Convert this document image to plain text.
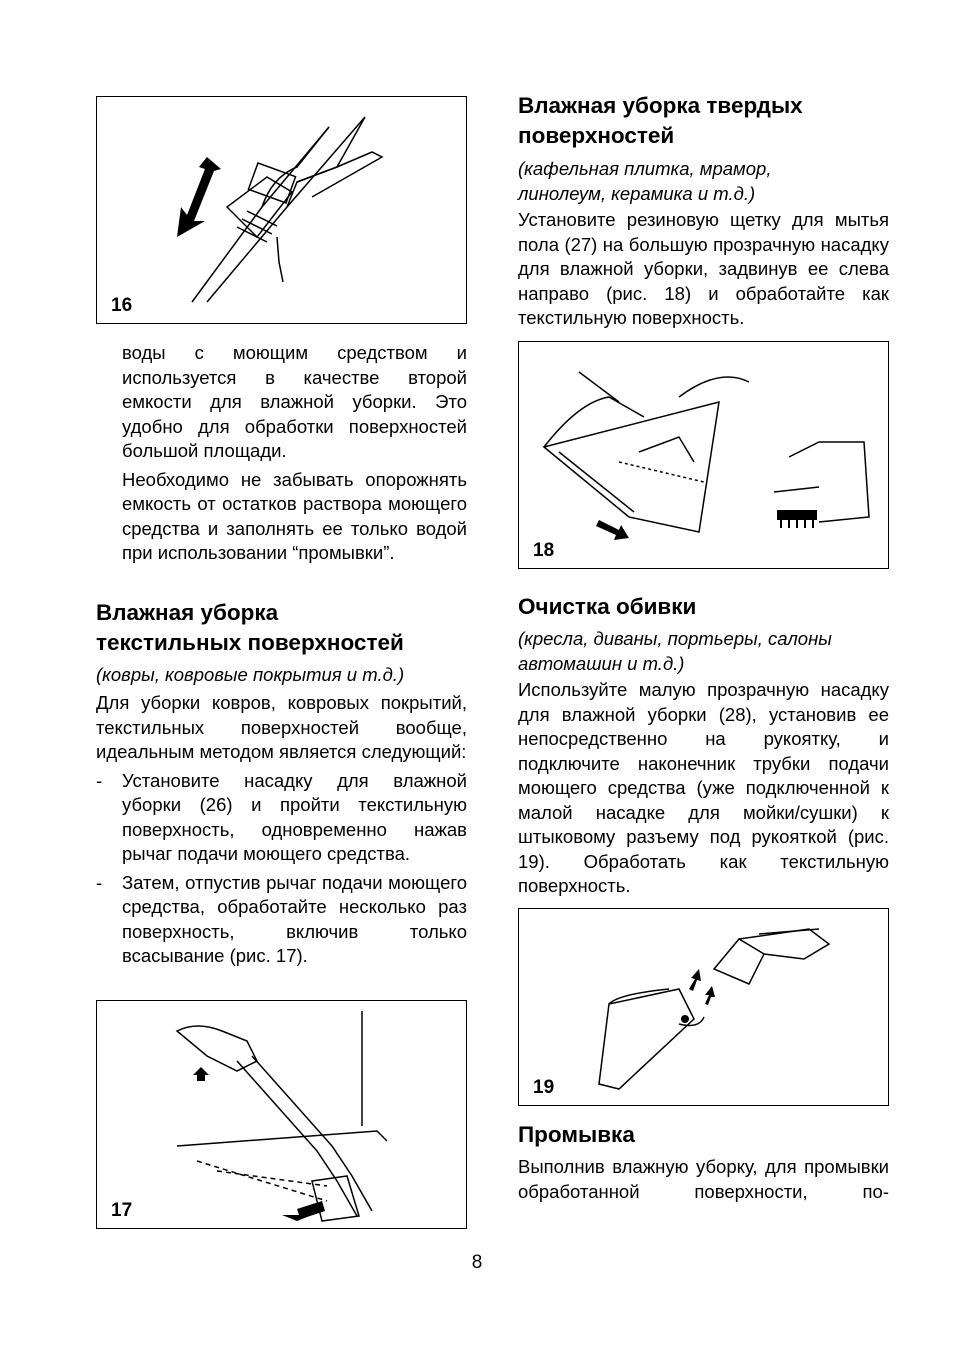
16

воды с моющим средством и используется в качестве второй емкости для влажной уборки. Это удобно для обработки поверхностей большой площади.

Необходимо не забывать опорожнять емкость от остатков раствора моющего средства и заполнять ее только водой при использовании “промывки”.

Влажная уборка
текстильных поверхностей
(ковры, ковровые покрытия и т.д.)

Для уборки ковров, ковровых покрытий, текстильных поверхностей вообще, идеальным методом является следующий:

- Установите насадку для влажной уборки (26) и пройти текстильную поверхность, одновременно нажав рычаг подачи моющего средства.
- Затем, отпустив рычаг подачи моющего средства, обработайте несколько раз поверхность, включив только всасывание (рис. 17).
17
Влажная уборка твердых
поверхностей
(кафельная плитка, мрамор,
линолеум, керамика и т.д.)
Установите резиновую щетку для мытья пола (27) на большую прозрачную насадку для влажной уборки, задвинув ее слева направо (рис. 18) и обработайте как текстильную поверхность.
18
Очистка обивки
(кресла, диваны, портьеры, салоны
автомашин и т.д.)
Используйте малую прозрачную насадку для влажной уборки (28), установив ее непосредственно на рукоятку, и подключите наконечник трубки подачи моющего средства (уже подключенной к малой насадке для мойки/сушки) к штыковому разъему под рукояткой (рис. 19). Обработать как текстильную поверхность.
19
Промывка
Выполнив влажную уборку, для промывки обработанной поверхности, по-
8
